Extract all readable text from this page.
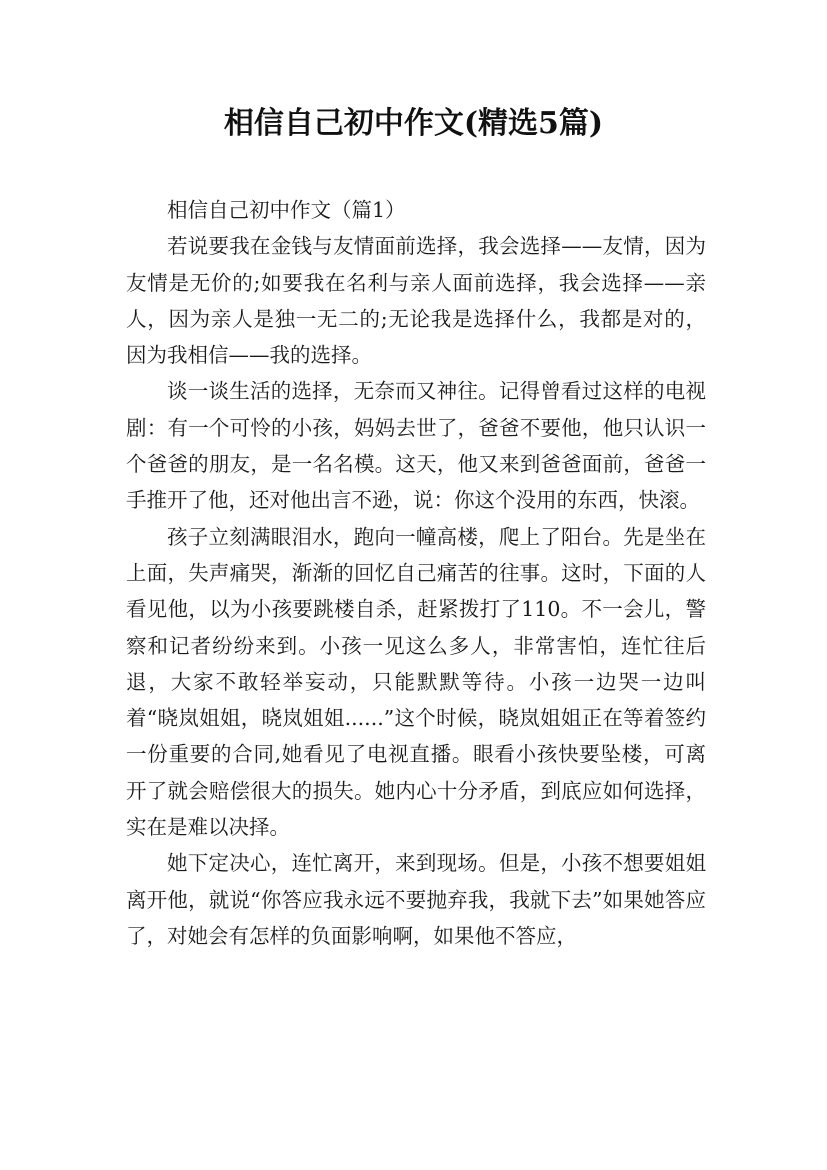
相信自己初中作文(精选5篇)

相信自己初中作文（篇1）

若说要我在金钱与友情面前选择，我会选择——友情，因为友情是无价的;如要我在名利与亲人面前选择，我会选择——亲人，因为亲人是独一无二的;无论我是选择什么，我都是对的，因为我相信——我的选择。

谈一谈生活的选择，无奈而又神往。记得曾看过这样的电视剧：有一个可怜的小孩，妈妈去世了，爸爸不要他，他只认识一个爸爸的朋友，是一名名模。这天，他又来到爸爸面前，爸爸一手推开了他，还对他出言不逊，说：你这个没用的东西，快滚。

孩子立刻满眼泪水，跑向一幢高楼，爬上了阳台。先是坐在上面，失声痛哭，渐渐的回忆自己痛苦的往事。这时，下面的人看见他，以为小孩要跳楼自杀，赶紧拨打了110。不一会儿，警察和记者纷纷来到。小孩一见这么多人，非常害怕，连忙往后退，大家不敢轻举妄动，只能默默等待。小孩一边哭一边叫着“晓岚姐姐，晓岚姐姐......”这个时候，晓岚姐姐正在等着签约一份重要的合同,她看见了电视直播。眼看小孩快要坠楼，可离开了就会赔偿很大的损失。她内心十分矛盾，到底应如何选择，实在是难以决择。

她下定决心，连忙离开，来到现场。但是，小孩不想要姐姐离开他，就说“你答应我永远不要抛弃我，我就下去”如果她答应了，对她会有怎样的负面影响啊，如果他不答应，
